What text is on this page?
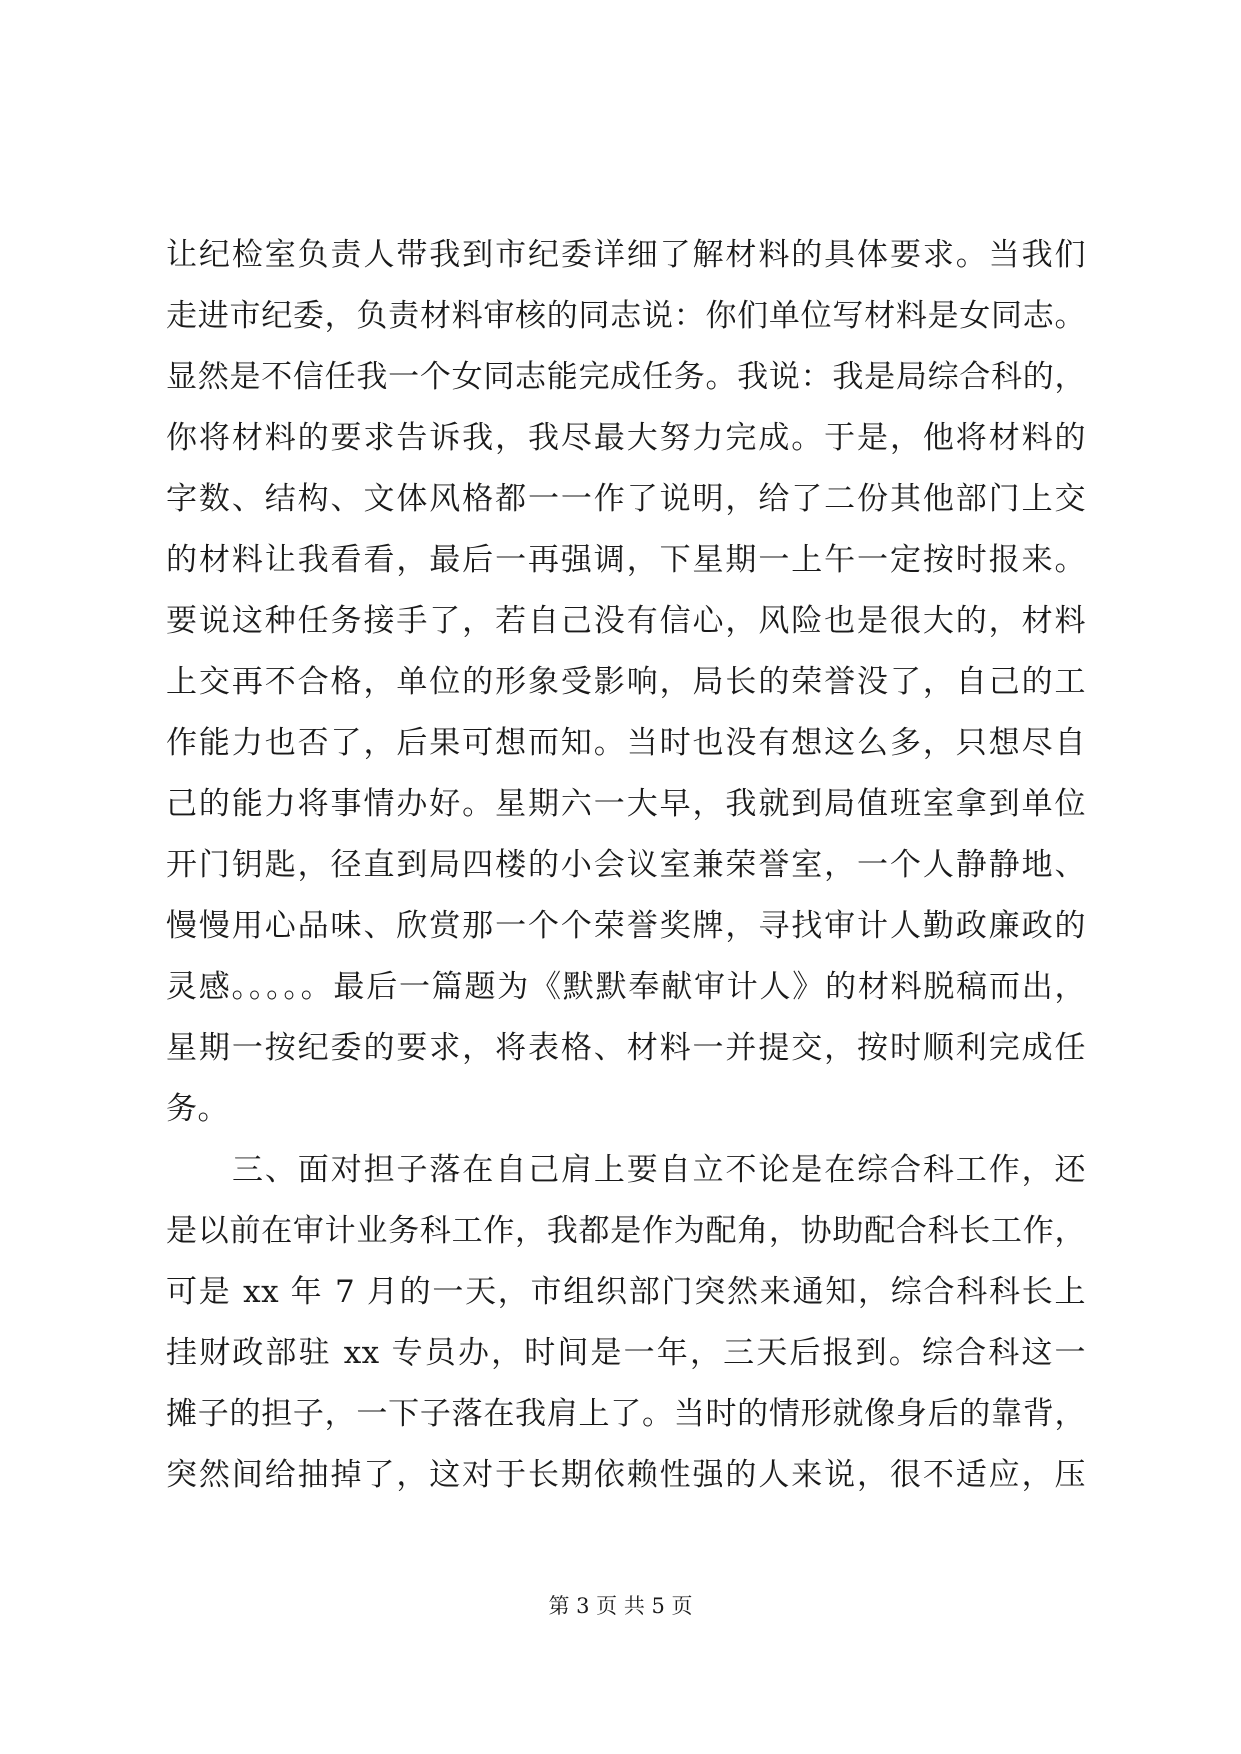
让纪检室负责人带我到市纪委详细了解材料的具体要求。当我们
走进市纪委，负责材料审核的同志说：你们单位写材料是女同志。
显然是不信任我一个女同志能完成任务。我说：我是局综合科的，
你将材料的要求告诉我，我尽最大努力完成。于是，他将材料的
字数、结构、文体风格都一一作了说明，给了二份其他部门上交
的材料让我看看，最后一再强调，下星期一上午一定按时报来。
要说这种任务接手了，若自己没有信心，风险也是很大的，材料
上交再不合格，单位的形象受影响，局长的荣誉没了，自己的工
作能力也否了，后果可想而知。当时也没有想这么多，只想尽自
己的能力将事情办好。星期六一大早，我就到局值班室拿到单位
开门钥匙，径直到局四楼的小会议室兼荣誉室，一个人静静地、
慢慢用心品味、欣赏那一个个荣誉奖牌，寻找审计人勤政廉政的
灵感。。。。。最后一篇题为《默默奉献审计人》的材料脱稿而出，
星期一按纪委的要求，将表格、材料一并提交，按时顺利完成任
务。
三、面对担子落在自己肩上要自立不论是在综合科工作，还
是以前在审计业务科工作，我都是作为配角，协助配合科长工作，
可是 xx 年 7 月的一天，市组织部门突然来通知，综合科科长上
挂财政部驻 xx 专员办，时间是一年，三天后报到。综合科这一
摊子的担子，一下子落在我肩上了。当时的情形就像身后的靠背，
突然间给抽掉了，这对于长期依赖性强的人来说，很不适应，压
第 3 页 共 5 页
